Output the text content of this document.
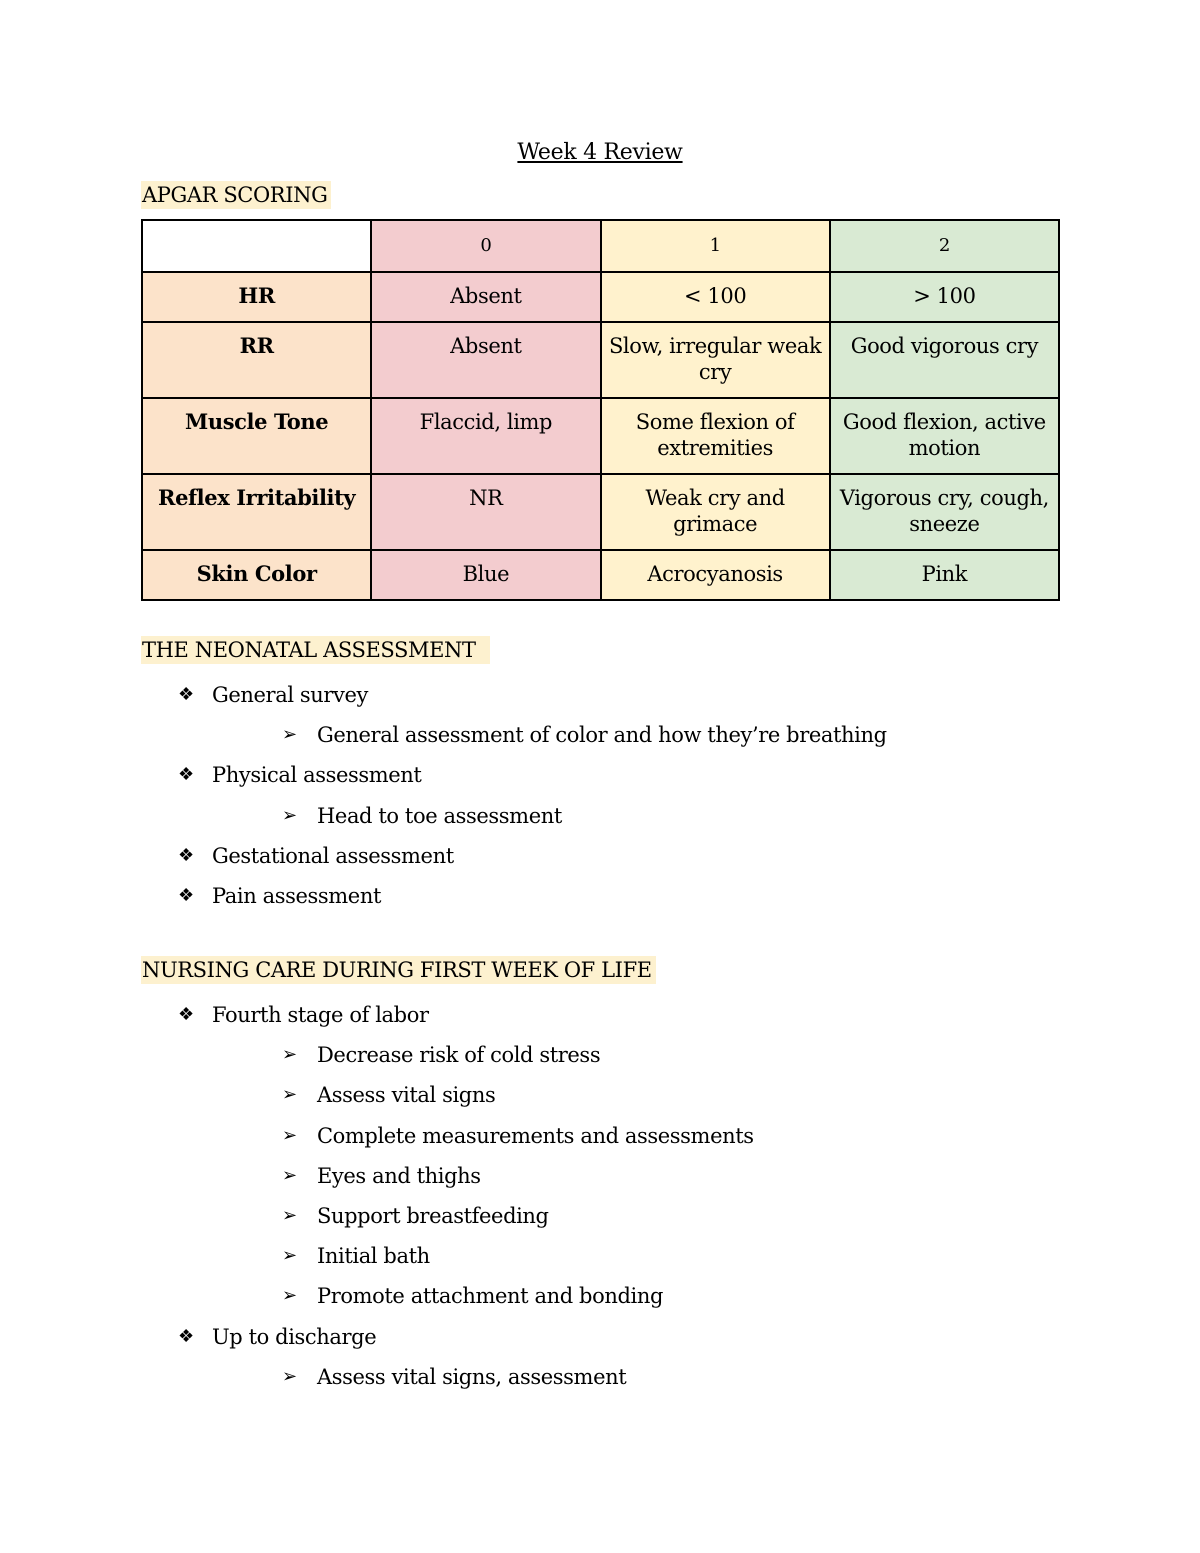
Week 4 Review
APGAR SCORING
	0	1	2
HR	Absent	< 100	> 100
RR	Absent	Slow, irregular weak cry	Good vigorous cry
Muscle Tone	Flaccid, limp	Some flexion of extremities	Good flexion, active motion
Reflex Irritability	NR	Weak cry and grimace	Vigorous cry, cough, sneeze
Skin Color	Blue	Acrocyanosis	Pink
THE NEONATAL ASSESSMENT
❖ General survey
➢ General assessment of color and how they’re breathing
❖ Physical assessment
➢ Head to toe assessment
❖ Gestational assessment
❖ Pain assessment
NURSING CARE DURING FIRST WEEK OF LIFE
❖ Fourth stage of labor
➢ Decrease risk of cold stress
➢ Assess vital signs
➢ Complete measurements and assessments
➢ Eyes and thighs
➢ Support breastfeeding
➢ Initial bath
➢ Promote attachment and bonding
❖ Up to discharge
➢ Assess vital signs, assessment
